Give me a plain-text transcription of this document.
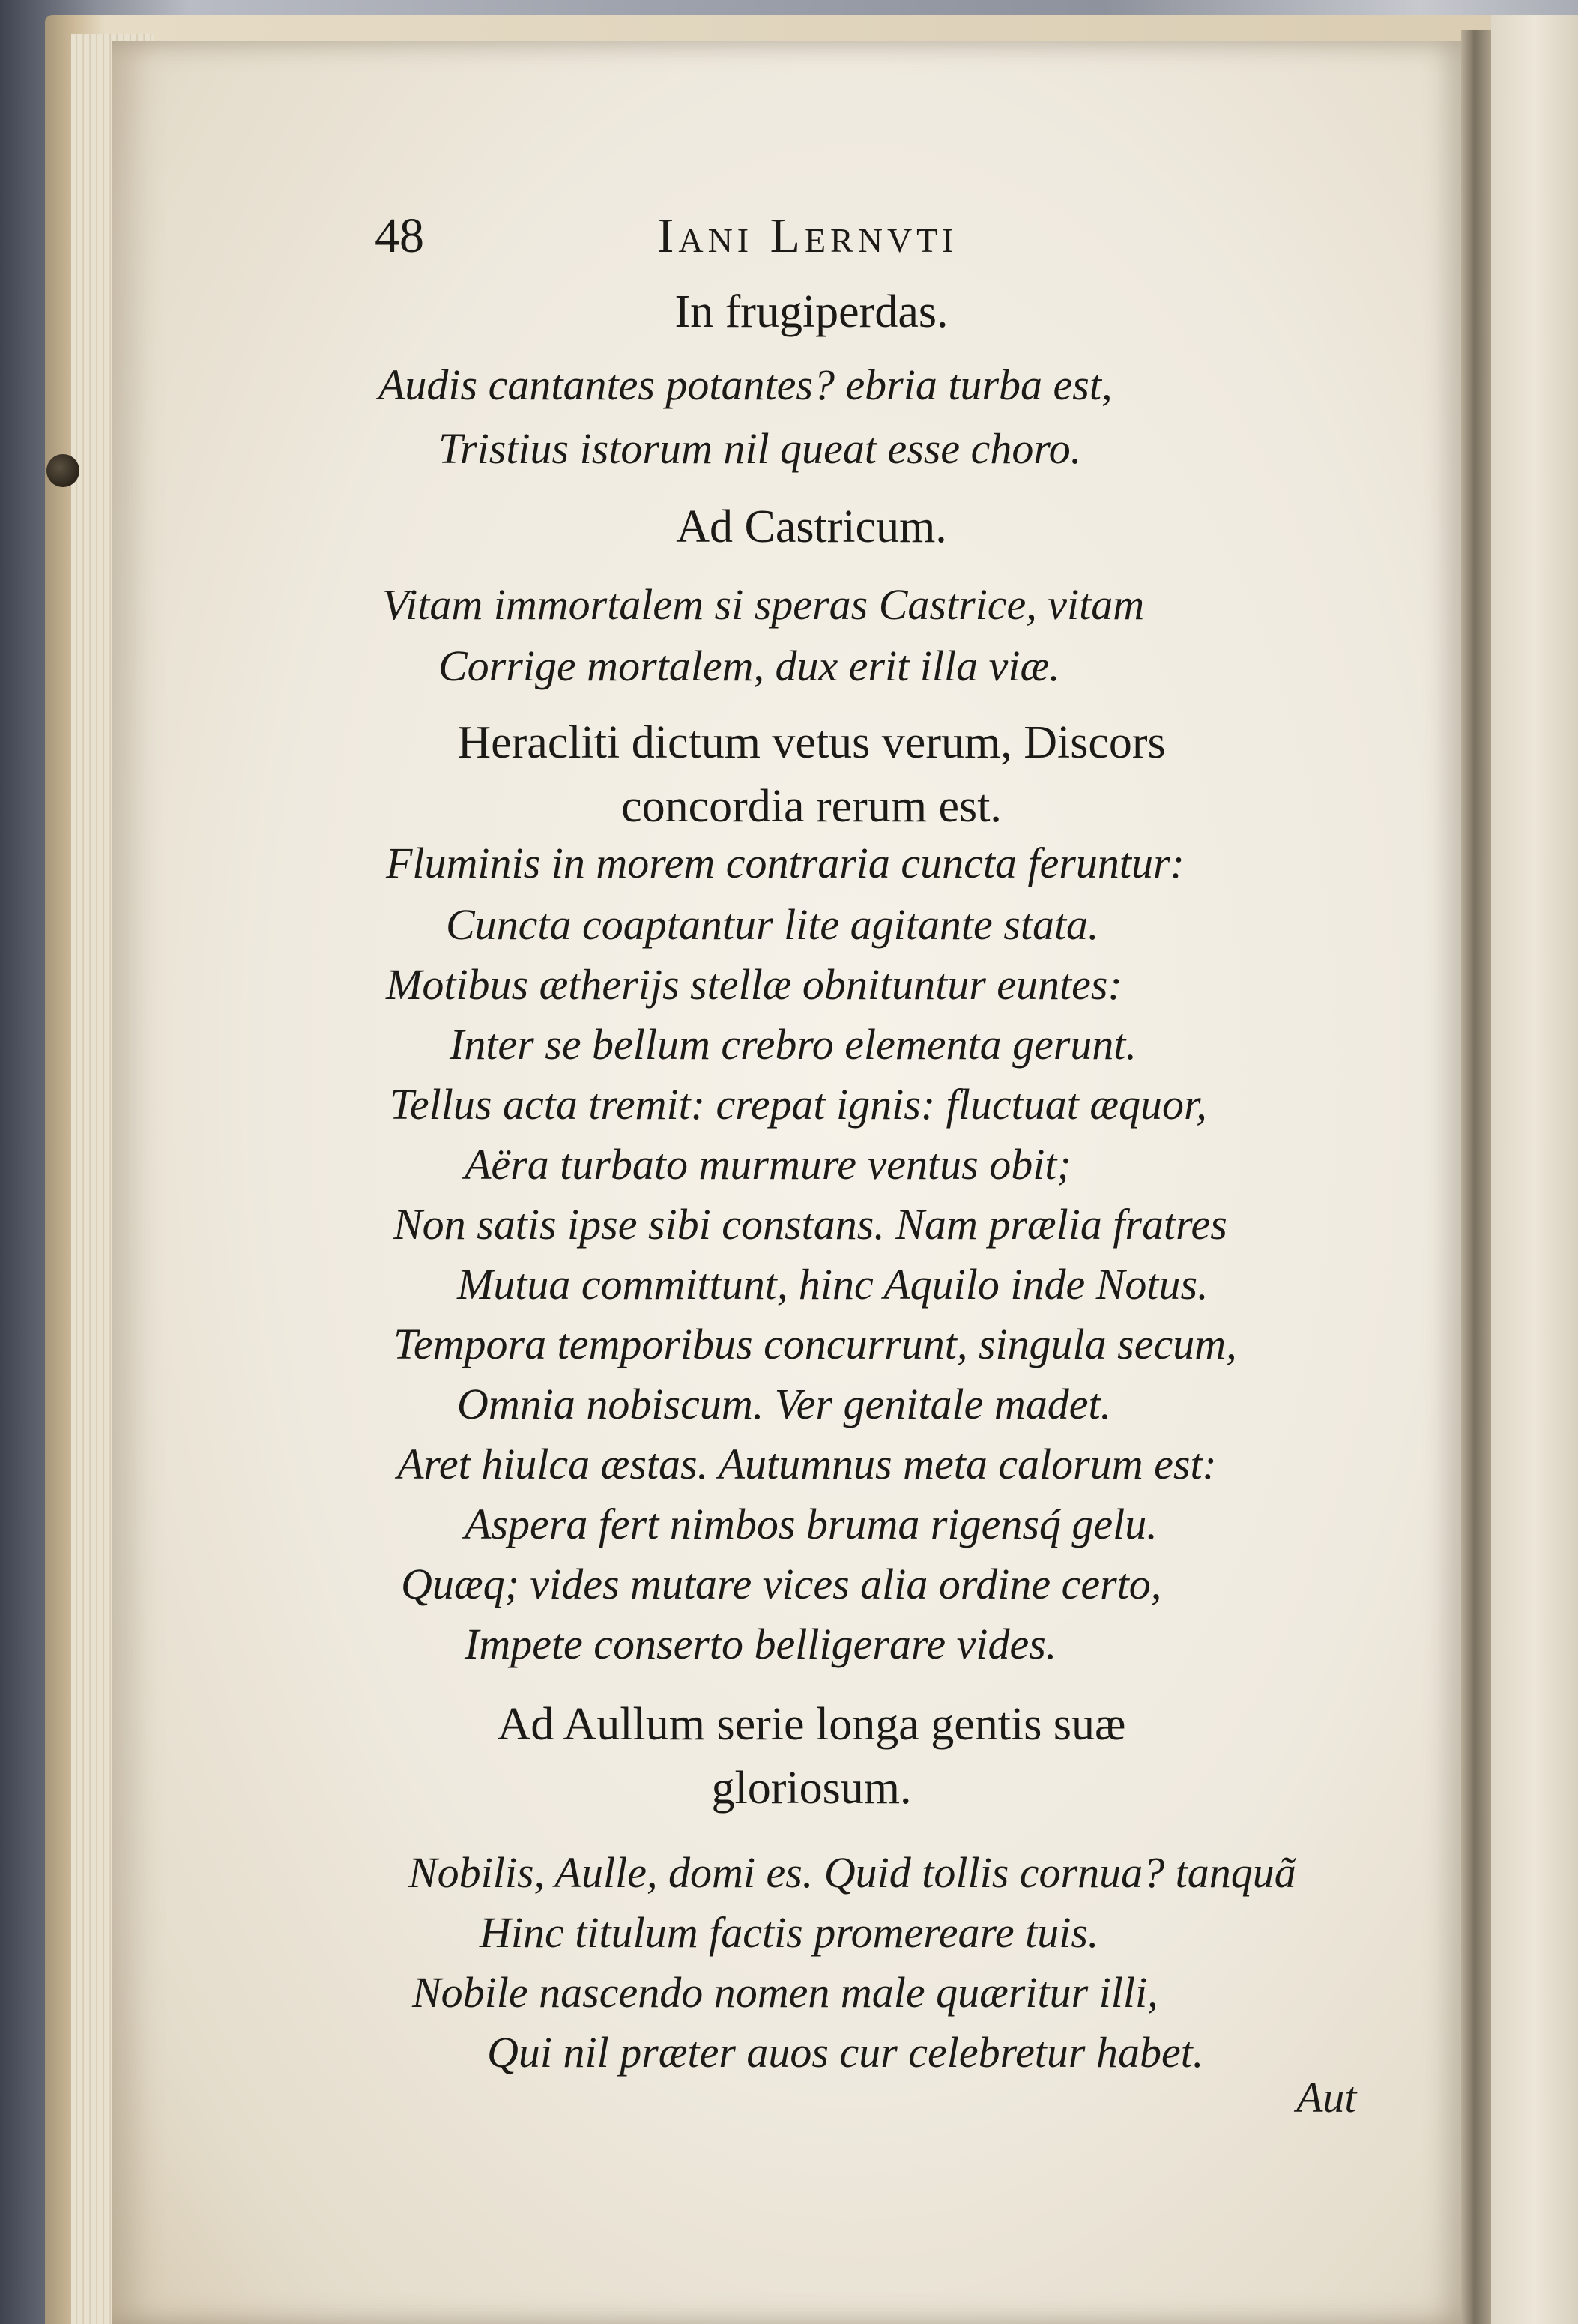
48	Iani Lernvti
In frugiperdas.
Audis cantantes potantes? ebria turba est,
Tristius istorum nil queat esse choro.
Ad Castricum.
Vitam immortalem si speras Castrice, vitam
Corrige mortalem, dux erit illa viæ.
Heracliti dictum vetus verum, Discors
concordia rerum est.
Fluminis in morem contraria cuncta feruntur:
Cuncta coaptantur lite agitante stata.
Motibus ætherijs stellæ obnituntur euntes:
Inter se bellum crebro elementa gerunt.
Tellus acta tremit: crepat ignis: fluctuat æquor,
Aëra turbato murmure ventus obit;
Non satis ipse sibi constans. Nam prælia fratres
Mutua committunt, hinc Aquilo inde Notus.
Tempora temporibus concurrunt, singula secum,
Omnia nobiscum. Ver genitale madet.
Aret hiulca æstas. Autumnus meta calorum est:
Aspera fert nimbos bruma rigensq́ gelu.
Quæq; vides mutare vices alia ordine certo,
Impete conserto belligerare vides.
Ad Aullum serie longa gentis suæ
gloriosum.
Nobilis, Aulle, domi es. Quid tollis cornua? tanquã
Hinc titulum factis promereare tuis.
Nobile nascendo nomen male quæritur illi,
Qui nil præter auos cur celebretur habet.
Aut
